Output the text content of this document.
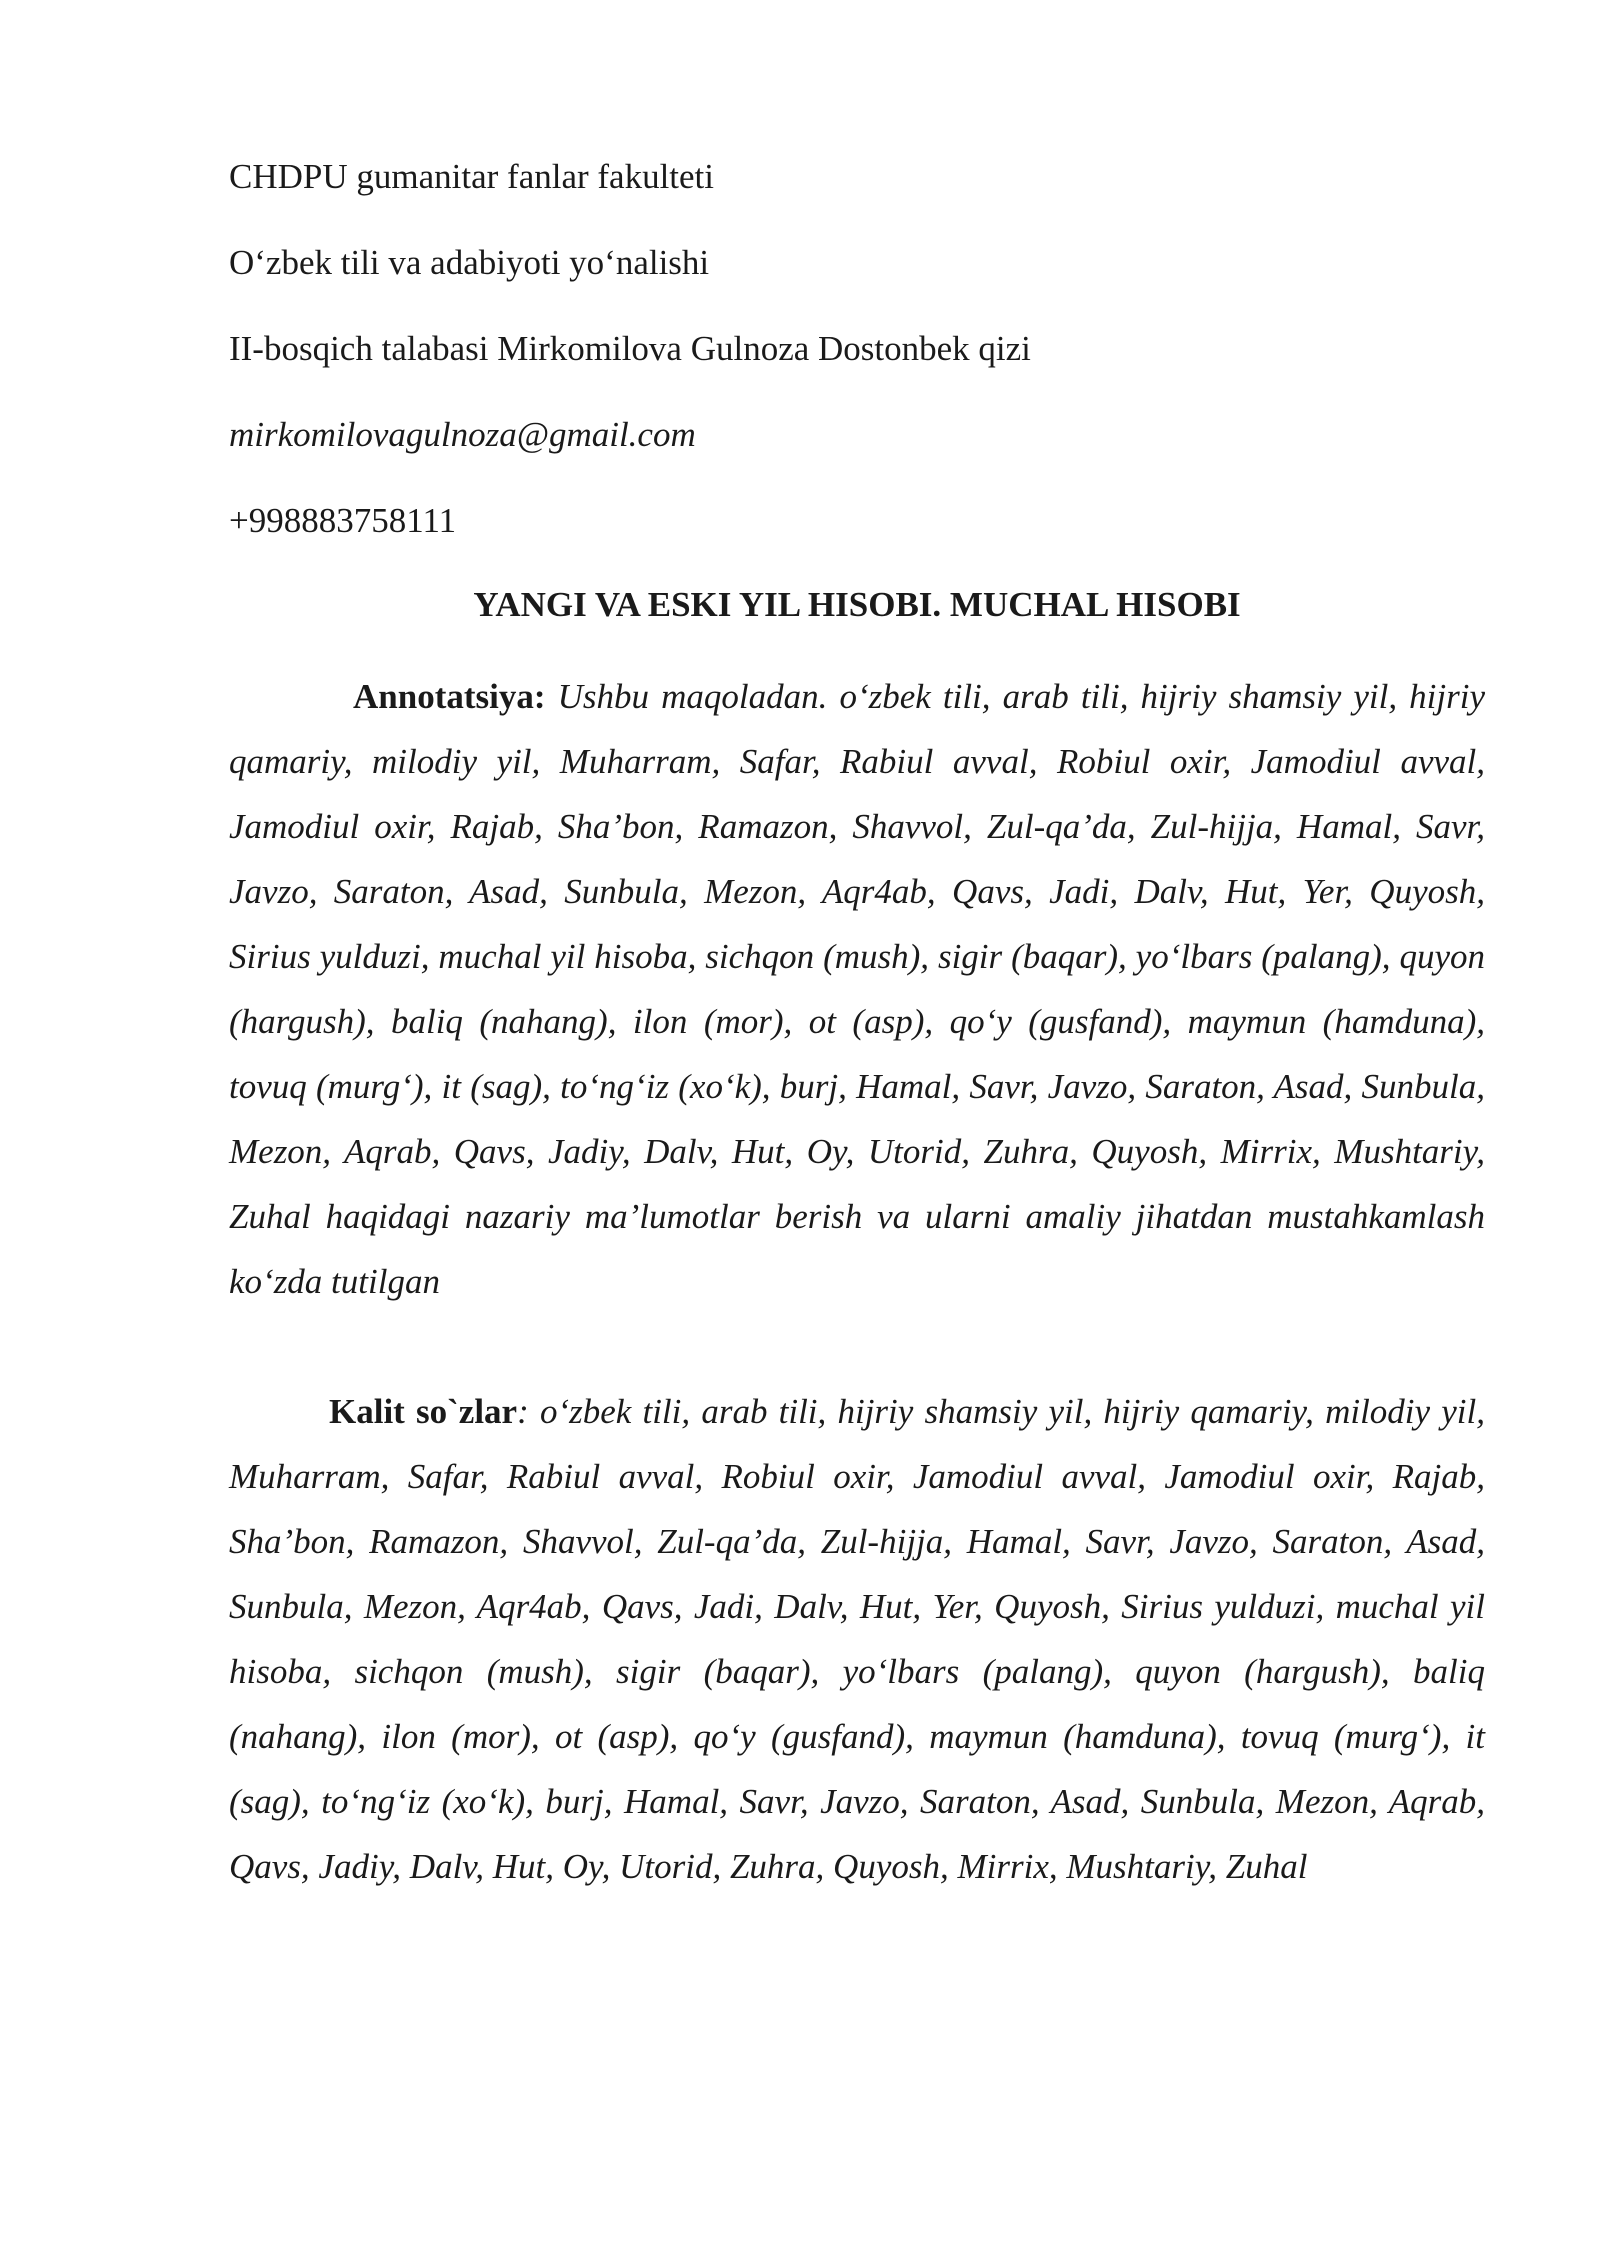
CHDPU gumanitar fanlar fakulteti
O‘zbek tili va adabiyoti yo‘nalishi
II-bosqich talabasi Mirkomilova Gulnoza Dostonbek qizi
mirkomilovagulnoza@gmail.com
+998883758111
YANGI VA ESKI YIL HISOBI. MUCHAL HISOBI
Annotatsiya: Ushbu maqoladan. o‘zbek tili, arab tili, hijriy shamsiy yil, hijriy qamariy, milodiy yil, Muharram, Safar, Rabiul avval, Robiul oxir, Jamodiul avval, Jamodiul oxir, Rajab, Sha’bon, Ramazon, Shavvol, Zul-qa’da, Zul-hijja, Hamal, Savr, Javzo, Saraton, Asad, Sunbula, Mezon, Aqr4ab, Qavs, Jadi, Dalv, Hut, Yer, Quyosh, Sirius yulduzi, muchal yil hisoba, sichqon (mush), sigir (baqar), yo‘lbars (palang), quyon (hargush), baliq (nahang), ilon (mor), ot (asp), qo‘y (gusfand), maymun (hamduna), tovuq (murg‘), it (sag), to‘ng‘iz (xo‘k), burj, Hamal, Savr, Javzo, Saraton, Asad, Sunbula, Mezon, Aqrab, Qavs, Jadiy, Dalv, Hut, Oy, Utorid, Zuhra, Quyosh, Mirrix, Mushtariy, Zuhal haqidagi nazariy ma’lumotlar berish va ularni amaliy jihatdan mustahkamlash ko‘zda tutilgan
Kalit so`zlar: o‘zbek tili, arab tili, hijriy shamsiy yil, hijriy qamariy, milodiy yil, Muharram, Safar, Rabiul avval, Robiul oxir, Jamodiul avval, Jamodiul oxir, Rajab, Sha’bon, Ramazon, Shavvol, Zul-qa’da, Zul-hijja, Hamal, Savr, Javzo, Saraton, Asad, Sunbula, Mezon, Aqr4ab, Qavs, Jadi, Dalv, Hut, Yer, Quyosh, Sirius yulduzi, muchal yil hisoba, sichqon (mush), sigir (baqar), yo‘lbars (palang), quyon (hargush), baliq (nahang), ilon (mor), ot (asp), qo‘y (gusfand), maymun (hamduna), tovuq (murg‘), it (sag), to‘ng‘iz (xo‘k), burj, Hamal, Savr, Javzo, Saraton, Asad, Sunbula, Mezon, Aqrab, Qavs, Jadiy, Dalv, Hut, Oy, Utorid, Zuhra, Quyosh, Mirrix, Mushtariy, Zuhal
